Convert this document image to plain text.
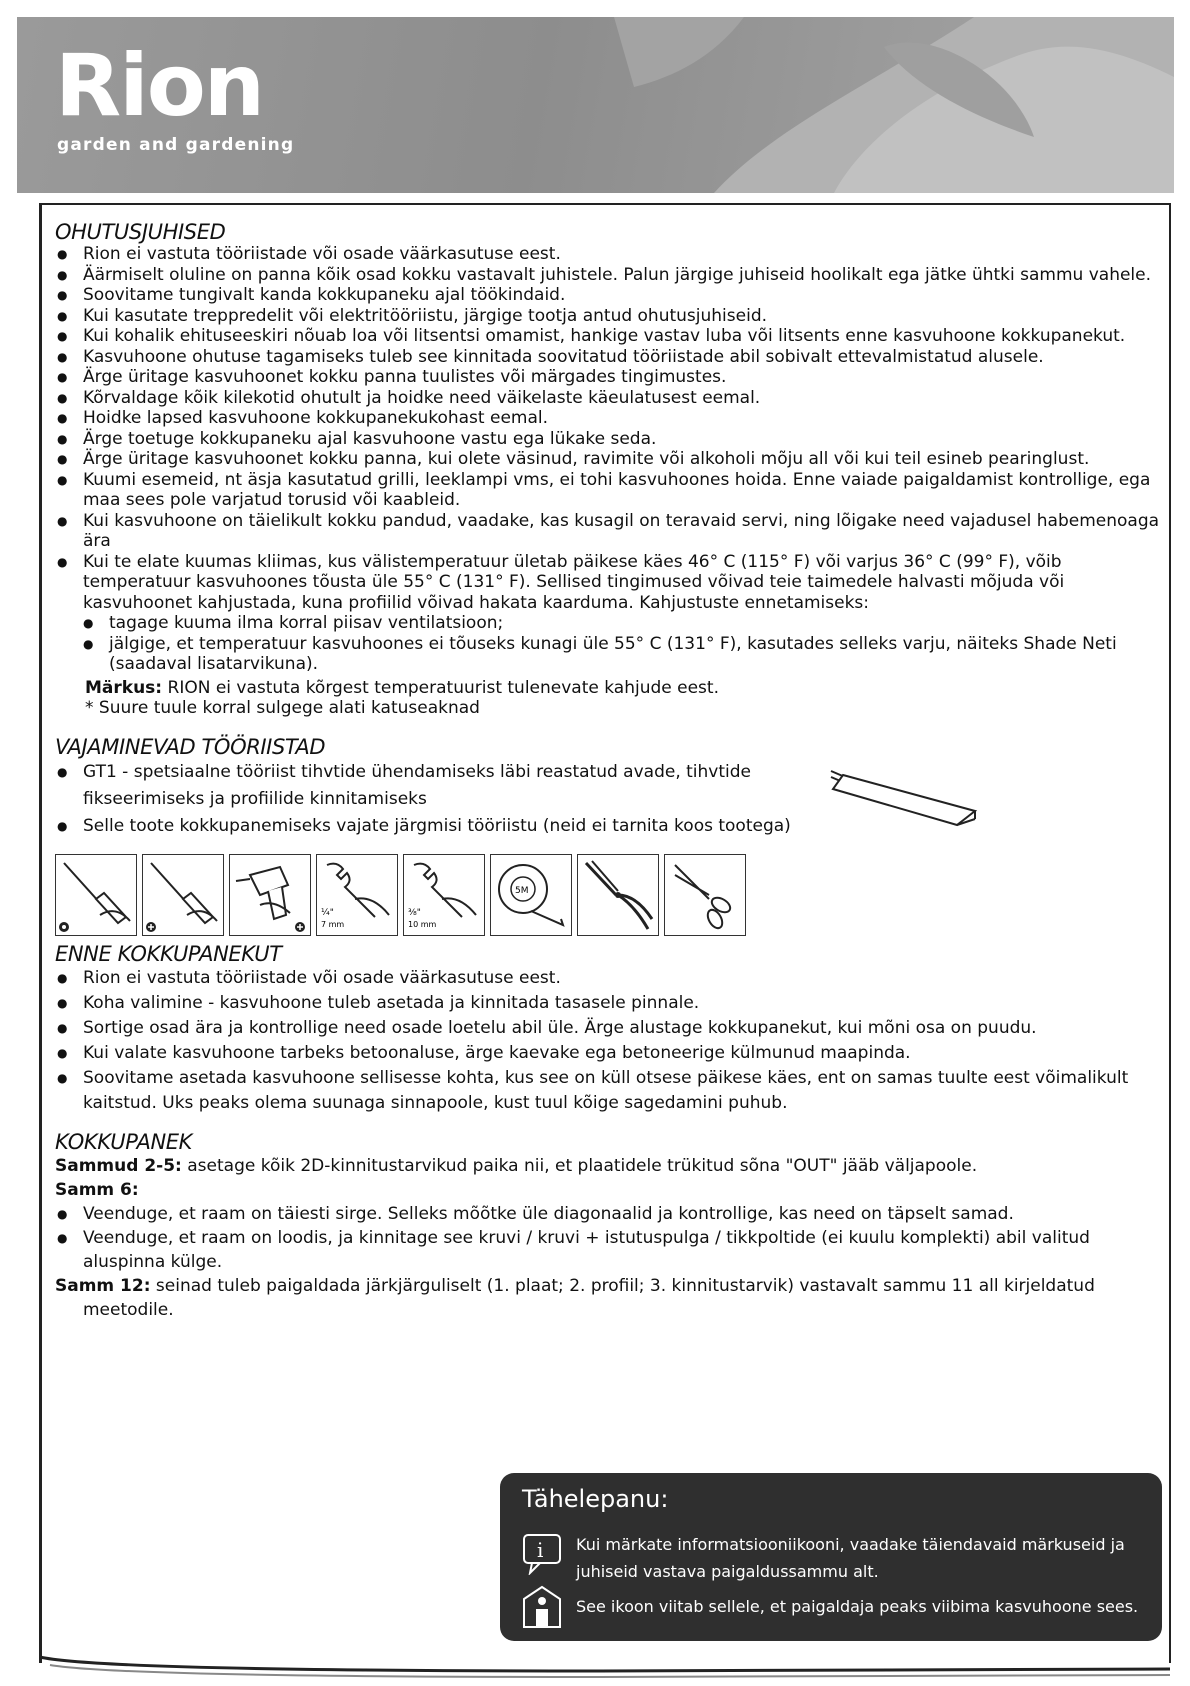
Rion
garden and gardening
OHUTUSJUHISED
● Rion ei vastuta tööriistade või osade väärkasutuse eest.
● Äärmiselt oluline on panna kõik osad kokku vastavalt juhistele. Palun järgige juhiseid hoolikalt ega jätke ühtki sammu vahele.
● Soovitame tungivalt kanda kokkupaneku ajal töökindaid.
● Kui kasutate treppredelit või elektritööriistu, järgige tootja antud ohutusjuhiseid.
● Kui kohalik ehituseeskiri nõuab loa või litsentsi omamist, hankige vastav luba või litsents enne kasvuhoone kokkupanekut.
● Kasvuhoone ohutuse tagamiseks tuleb see kinnitada soovitatud tööriistade abil sobivalt ettevalmistatud alusele.
● Ärge üritage kasvuhoonet kokku panna tuulistes või märgades tingimustes.
● Kõrvaldage kõik kilekotid ohutult ja hoidke need väikelaste käeulatusest eemal.
● Hoidke lapsed kasvuhoone kokkupanekukohast eemal.
● Ärge toetuge kokkupaneku ajal kasvuhoone vastu ega lükake seda.
● Ärge üritage kasvuhoonet kokku panna, kui olete väsinud, ravimite või alkoholi mõju all või kui teil esineb pearinglust.
● Kuumi esemeid, nt äsja kasutatud grilli, leeklampi vms, ei tohi kasvuhoones hoida. Enne vaiade paigaldamist kontrollige, ega maa sees pole varjatud torusid või kaableid.
● Kui kasvuhoone on täielikult kokku pandud, vaadake, kas kusagil on teravaid servi, ning lõigake need vajadusel habemenoaga ära
● Kui te elate kuumas kliimas, kus välistemperatuur ületab päikese käes 46° C (115° F) või varjus 36° C (99° F), võib temperatuur kasvuhoones tõusta üle 55° C (131° F). Sellised tingimused võivad teie taimedele halvasti mõjuda või kasvuhoonet kahjustada, kuna profiilid võivad hakata kaarduma. Kahjustuste ennetamiseks:
● tagage kuuma ilma korral piisav ventilatsioon;
● jälgige, et temperatuur kasvuhoones ei tõuseks kunagi üle 55° C (131° F), kasutades selleks varju, näiteks Shade Neti (saadaval lisatarvikuna).
Märkus: RION ei vastuta kõrgest temperatuurist tulenevate kahjude eest.
* Suure tuule korral sulgege alati katuseaknad
VAJAMINEVAD TÖÖRIISTAD
● GT1 - spetsiaalne tööriist tihvtide ühendamiseks läbi reastatud avade, tihvtide fikseerimiseks ja profiilide kinnitamiseks
● Selle toote kokkupanemiseks vajate järgmisi tööriistu (neid ei tarnita koos tootega)
¼"
7 mm
⅜"
10 mm
5M
ENNE KOKKUPANEKUT
● Rion ei vastuta tööriistade või osade väärkasutuse eest.
● Koha valimine - kasvuhoone tuleb asetada ja kinnitada tasasele pinnale.
● Sortige osad ära ja kontrollige need osade loetelu abil üle. Ärge alustage kokkupanekut, kui mõni osa on puudu.
● Kui valate kasvuhoone tarbeks betoonaluse, ärge kaevake ega betoneerige külmunud maapinda.
● Soovitame asetada kasvuhoone sellisesse kohta, kus see on küll otsese päikese käes, ent on samas tuulte eest võimalikult kaitstud. Uks peaks olema suunaga sinnapoole, kust tuul kõige sagedamini puhub.
KOKKUPANEK

Sammud 2-5: asetage kõik 2D-kinnitustarvikud paika nii, et plaatidele trükitud sõna "OUT" jääb väljapoole.

Samm 6:

● Veenduge, et raam on täiesti sirge. Selleks mõõtke üle diagonaalid ja kontrollige, kas need on täpselt samad.
● Veenduge, et raam on loodis, ja kinnitage see kruvi / kruvi + istutuspulga / tikkpoltide (ei kuulu komplekti) abil valitud aluspinna külge.

Samm 12: seinad tuleb paigaldada järkjärguliselt (1. plaat; 2. profiil; 3. kinnitustarvik) vastavalt sammu 11 all kirjeldatud meetodile.

Tähelepanu:
i Kui märkate informatsiooniikooni, vaadake täiendavaid märkuseid ja juhiseid vastava paigaldussammu alt.
See ikoon viitab sellele, et paigaldaja peaks viibima kasvuhoone sees.
